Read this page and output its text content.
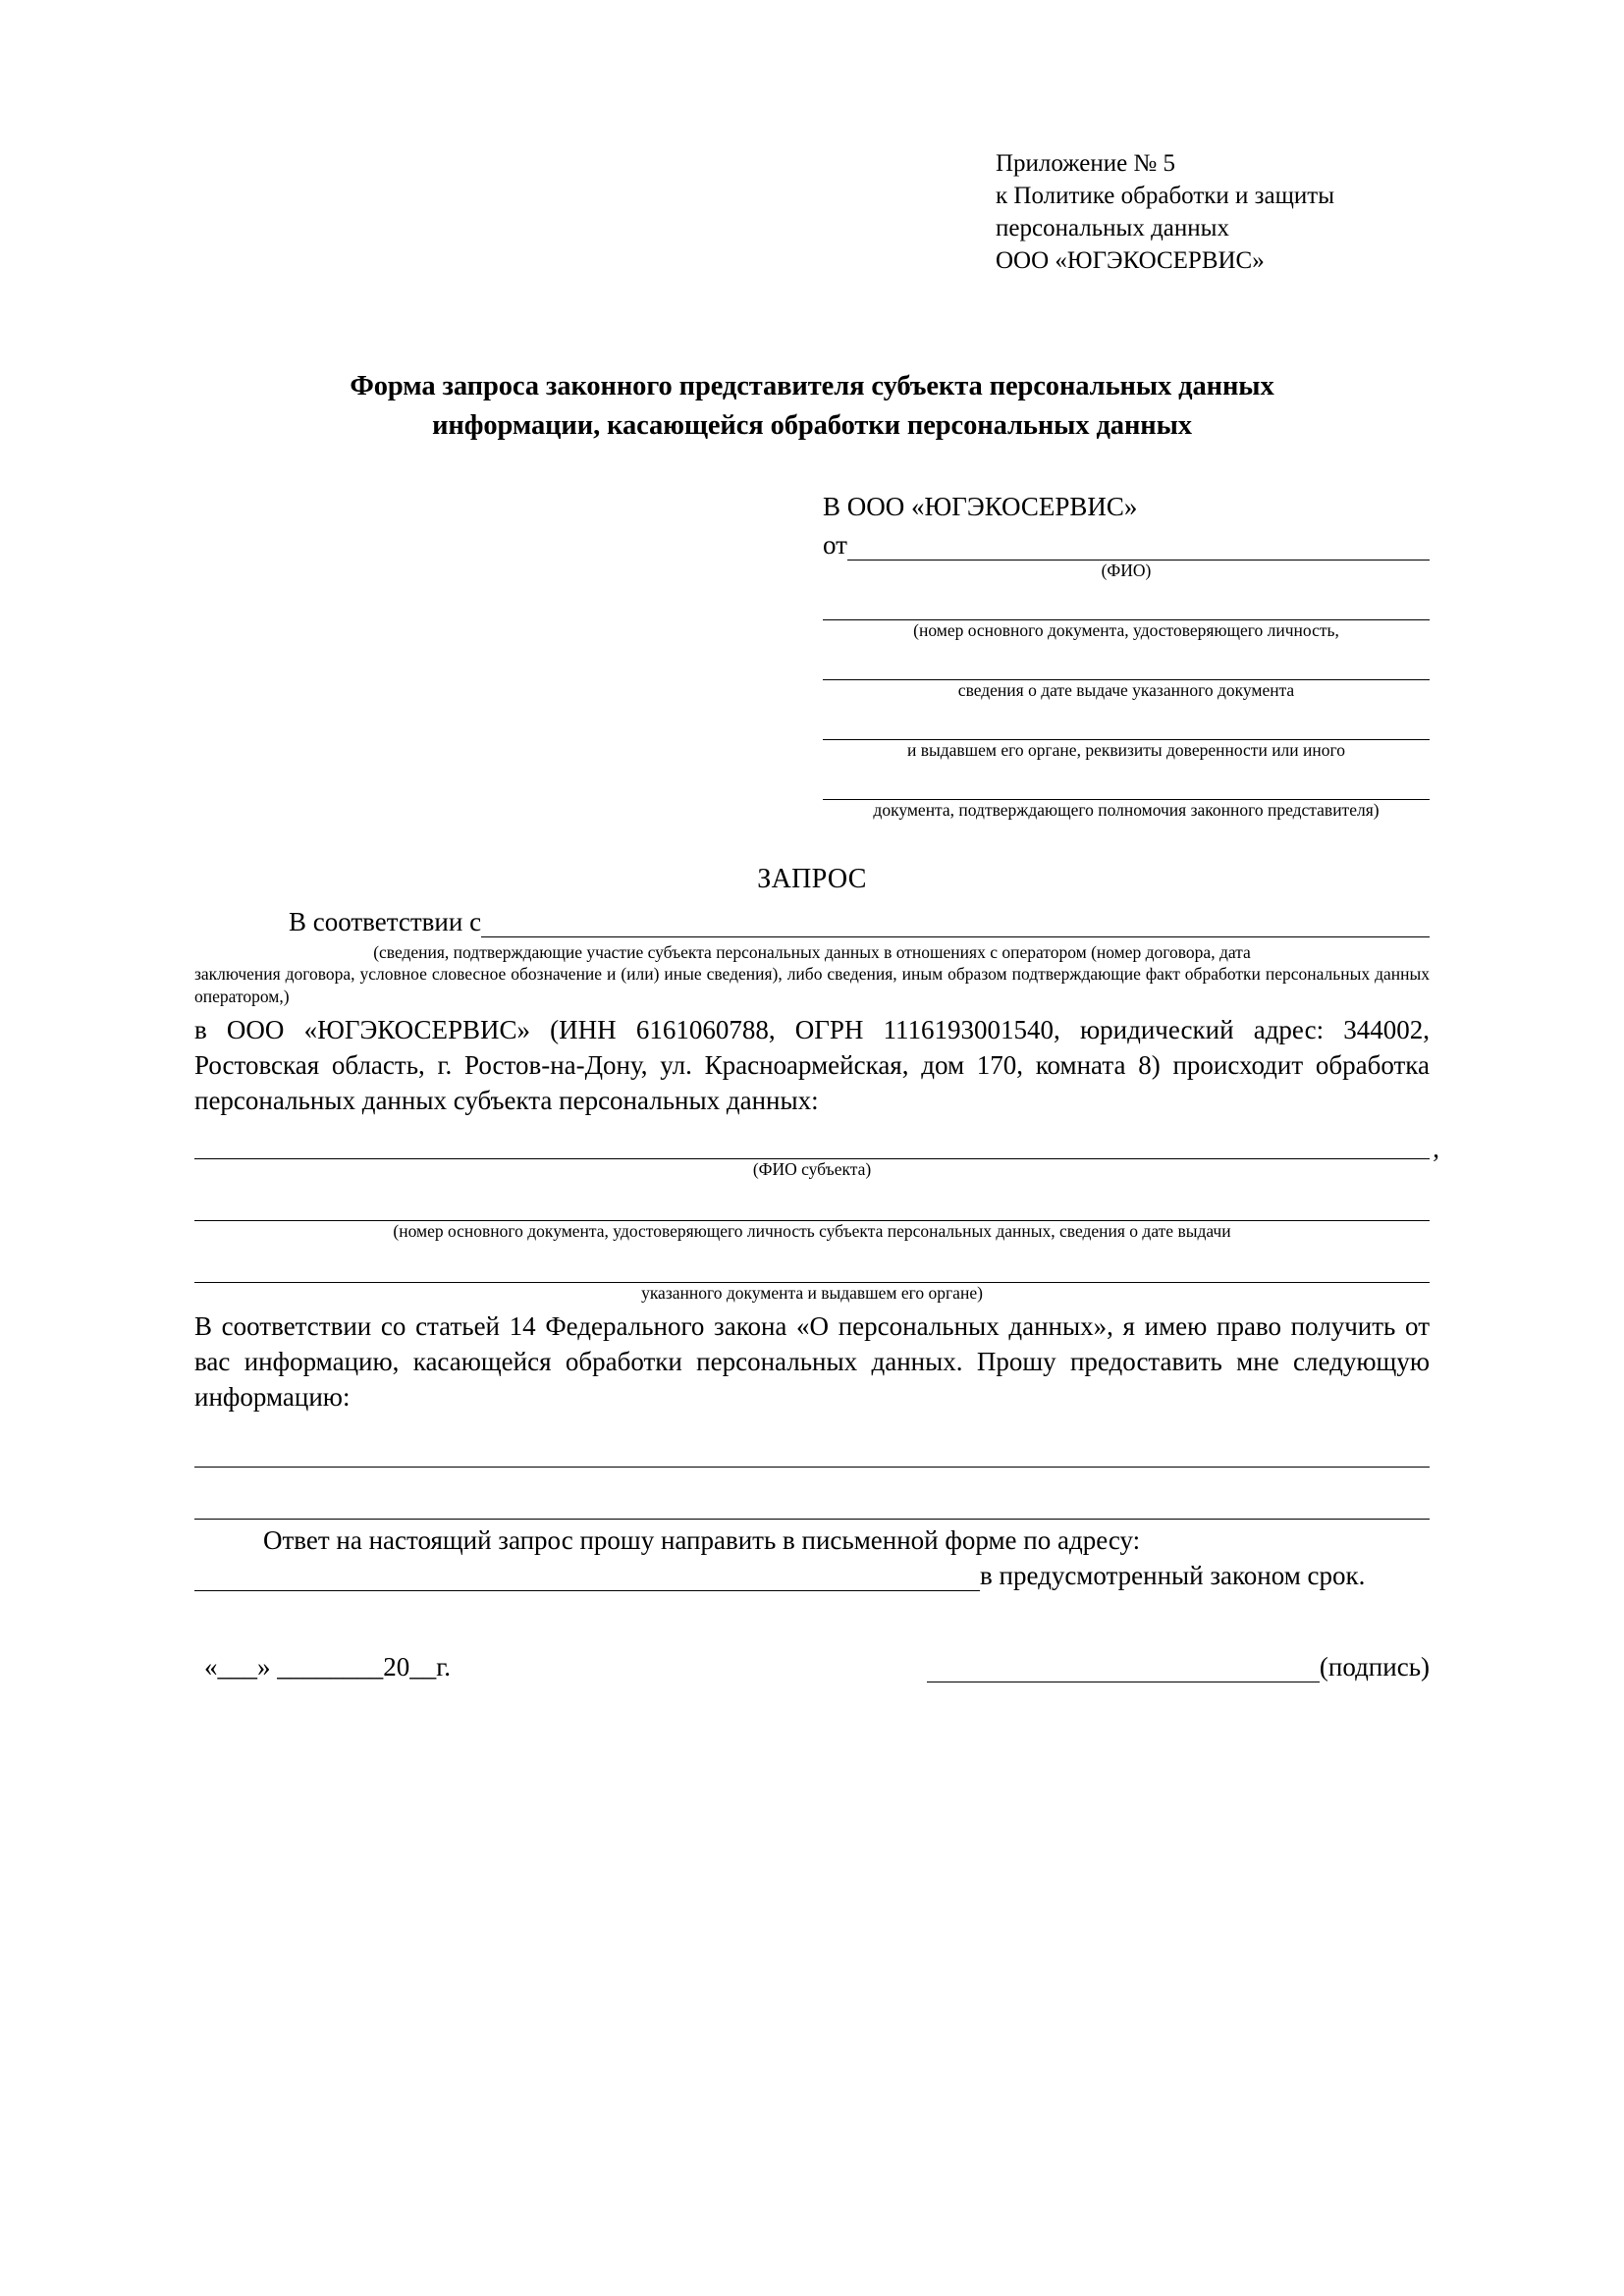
Приложение № 5
к Политике обработки и защиты
персональных данных
ООО «ЮГЭКОСЕРВИС»
Форма запроса законного представителя субъекта персональных данных
информации, касающейся обработки персональных данных
В ООО «ЮГЭКОСЕРВИС»
от
(ФИО)
(номер основного документа, удостоверяющего личность,
сведения о дате выдаче указанного документа
и выдавшем его органе, реквизиты доверенности или иного
документа, подтверждающего полномочия законного представителя)
ЗАПРОС
В соответствии с
(сведения, подтверждающие участие субъекта персональных данных в отношениях с оператором (номер договора, дата
заключения договора, условное словесное обозначение и (или) иные сведения), либо сведения, иным образом подтверждающие факт обработки персональных данных оператором,)
в ООО «ЮГЭКОСЕРВИС» (ИНН 6161060788, ОГРН 1116193001540, юридический адрес: 344002, Ростовская область, г. Ростов-на-Дону, ул. Красноармейская, дом 170, комната 8) происходит обработка персональных данных субъекта персональных данных:
,
(ФИО субъекта)
(номер основного документа, удостоверяющего личность субъекта персональных данных, сведения о дате выдачи
указанного документа и выдавшем его органе)
В соответствии со статьей 14 Федерального закона «О персональных данных», я имею право получить от вас информацию, касающейся обработки персональных данных. Прошу предоставить мне следующую информацию:
Ответ на настоящий запрос прошу направить в письменной форме по адресу:
в предусмотренный законом срок.
«___» ________20__г.	(подпись)
